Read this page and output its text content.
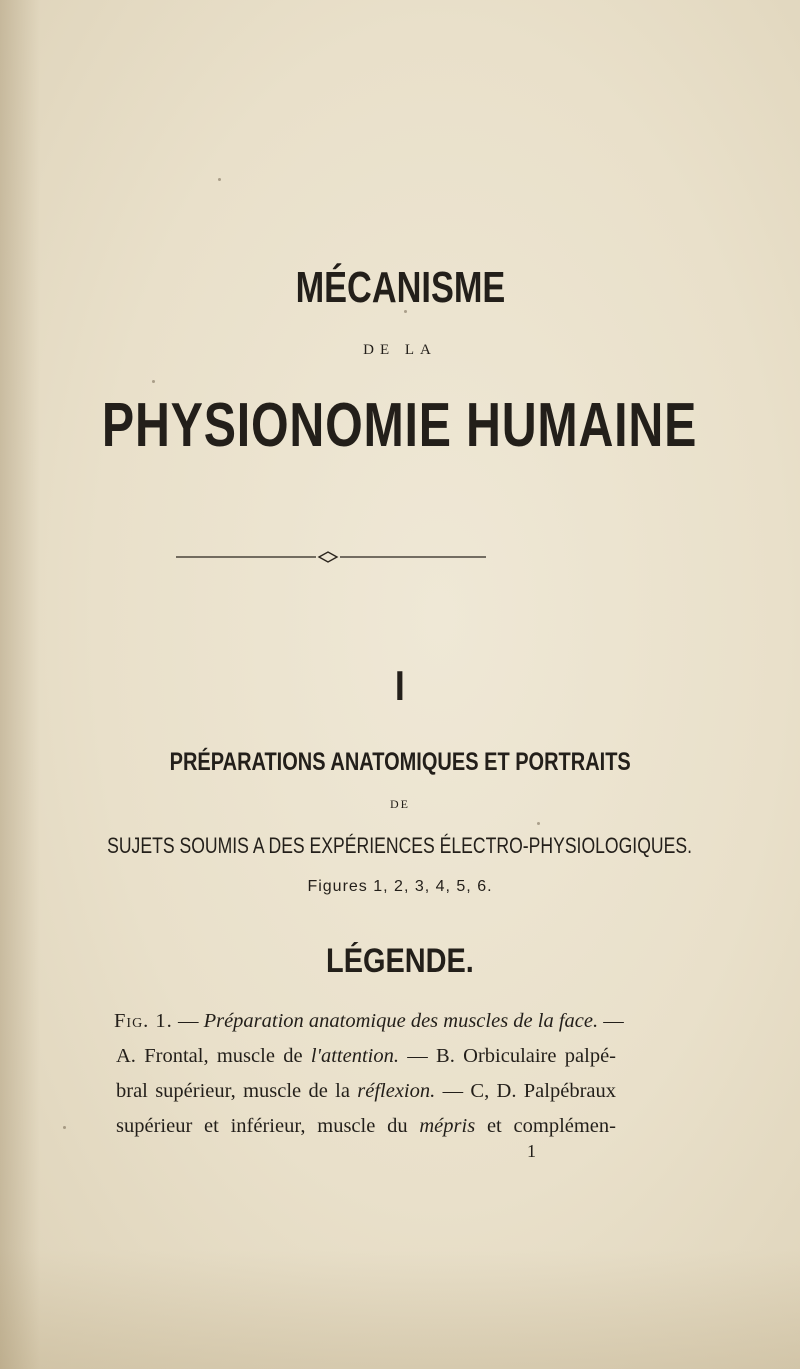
MÉCANISME
DE LA
PHYSIONOMIE HUMAINE
I
PRÉPARATIONS ANATOMIQUES ET PORTRAITS
DE
SUJETS SOUMIS A DES EXPÉRIENCES ÉLECTRO-PHYSIOLOGIQUES.
Figures 1, 2, 3, 4, 5, 6.
LÉGENDE.
Fig. 1. — Préparation anatomique des muscles de la face. —
A. Frontal, muscle de l'attention. — B. Orbiculaire palpé-
bral supérieur, muscle de la réflexion. — C, D. Palpébraux
supérieur et inférieur, muscle du mépris et complémen-
1
